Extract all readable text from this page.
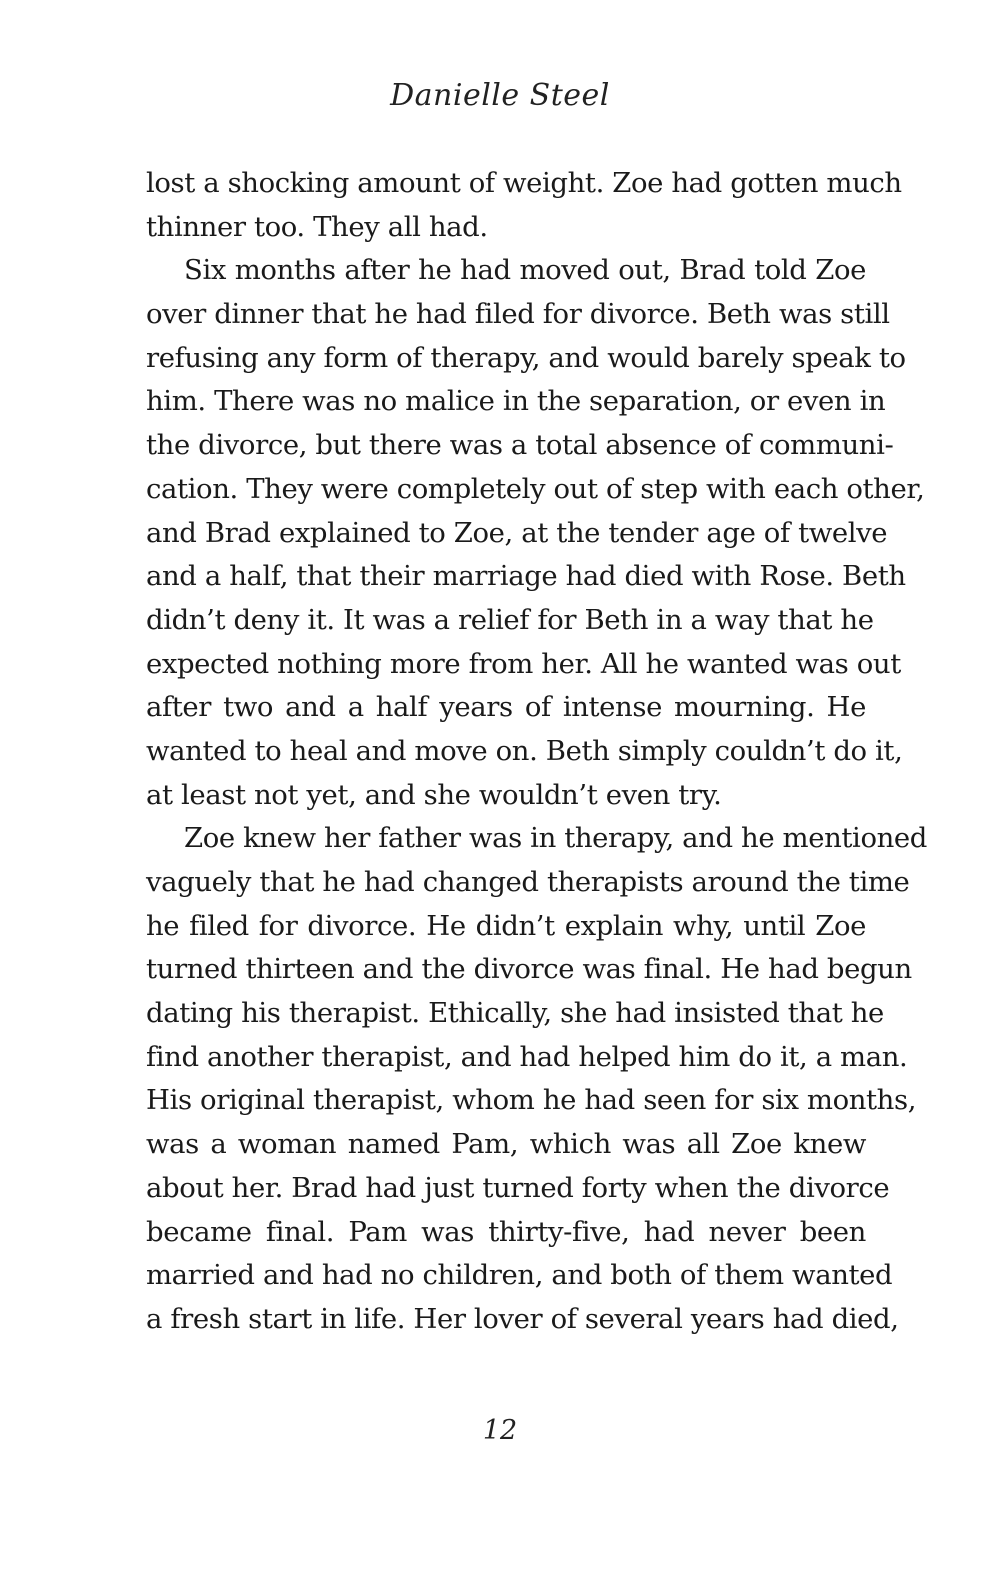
Danielle Steel
lost a shocking amount of weight. Zoe had gotten much
thinner too. They all had.
Six months after he had moved out, Brad told Zoe
over dinner that he had filed for divorce. Beth was still
refusing any form of therapy, and would barely speak to
him. There was no malice in the separation, or even in
the divorce, but there was a total absence of communi-
cation. They were completely out of step with each other,
and Brad explained to Zoe, at the tender age of twelve
and a half, that their marriage had died with Rose. Beth
didn’t deny it. It was a relief for Beth in a way that he
expected nothing more from her. All he wanted was out
after two and a half years of intense mourning. He
wanted to heal and move on. Beth simply couldn’t do it,
at least not yet, and she wouldn’t even try.
Zoe knew her father was in therapy, and he mentioned
vaguely that he had changed therapists around the time
he filed for divorce. He didn’t explain why, until Zoe
turned thirteen and the divorce was final. He had begun
dating his therapist. Ethically, she had insisted that he
find another therapist, and had helped him do it, a man.
His original therapist, whom he had seen for six months,
was a woman named Pam, which was all Zoe knew
about her. Brad had just turned forty when the divorce
became final. Pam was thirty-five, had never been
married and had no children, and both of them wanted
a fresh start in life. Her lover of several years had died,
12
